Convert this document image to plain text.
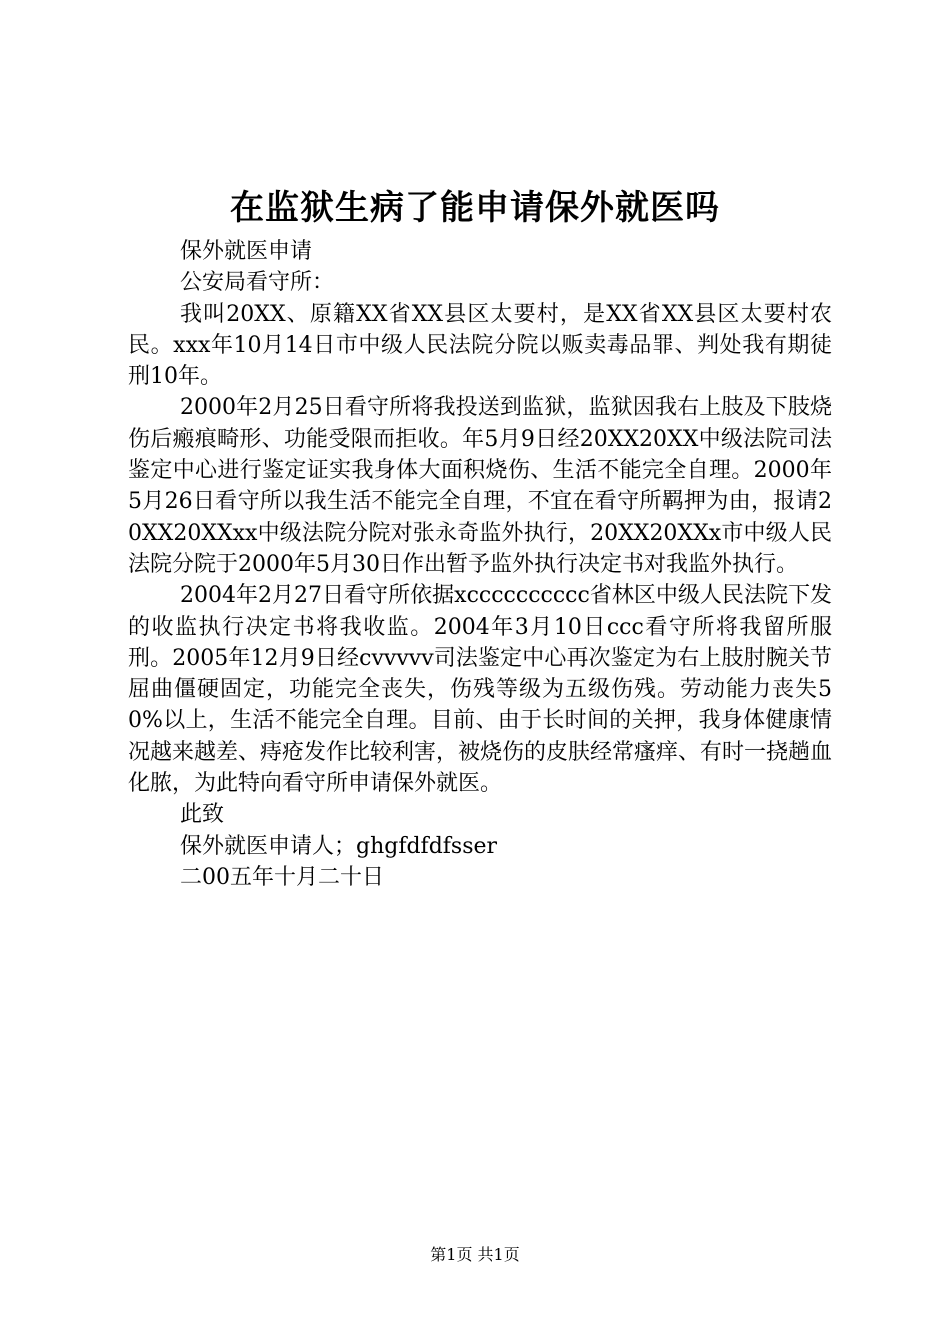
在监狱生病了能申请保外就医吗

保外就医申请

公安局看守所：

我叫20XX、原籍XX省XX县区太要村，是XX省XX县区太要村农民。xxx年10月14日市中级人民法院分院以贩卖毒品罪、判处我有期徒刑10年。

2000年2月25日看守所将我投送到监狱，监狱因我右上肢及下肢烧伤后瘢痕畸形、功能受限而拒收。年5月9日经20XX20XX中级法院司法鉴定中心进行鉴定证实我身体大面积烧伤、生活不能完全自理。2000年5月26日看守所以我生活不能完全自理，不宜在看守所羁押为由，报请20XX20XXxx中级法院分院对张永奇监外执行，20XX20XXx市中级人民法院分院于2000年5月30日作出暂予监外执行决定书对我监外执行。

2004年2月27日看守所依据xcccccccccc省林区中级人民法院下发的收监执行决定书将我收监。2004年3月10日ccc看守所将我留所服刑。2005年12月9日经cvvvvv司法鉴定中心再次鉴定为右上肢肘腕关节屈曲僵硬固定，功能完全丧失，伤残等级为五级伤残。劳动能力丧失50%以上，生活不能完全自理。目前、由于长时间的关押，我身体健康情况越来越差、痔疮发作比较利害，被烧伤的皮肤经常瘙痒、有时一挠趟血化脓，为此特向看守所申请保外就医。

此致

保外就医申请人；ghgfdfdfsser

二00五年十月二十日

第1页 共1页
